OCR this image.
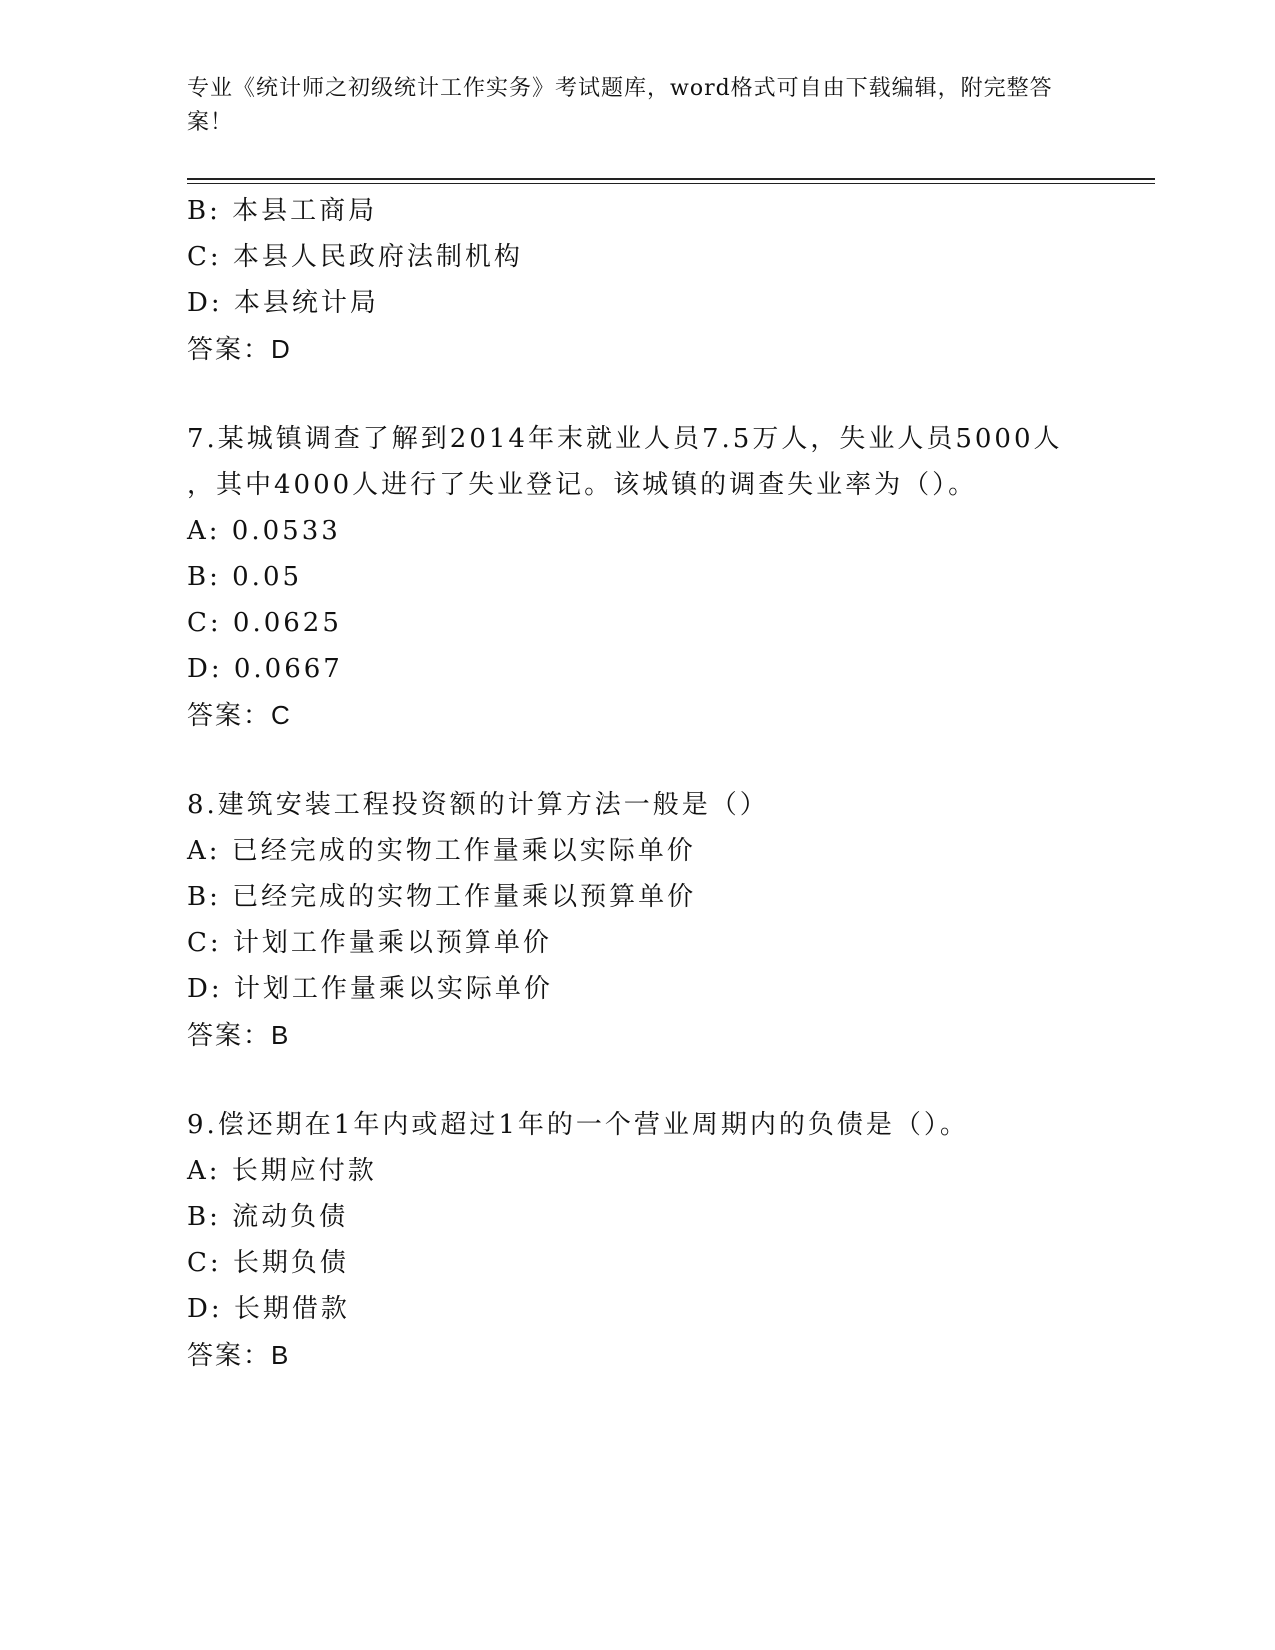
专业《统计师之初级统计工作实务》考试题库，word格式可自由下载编辑，附完整答案！

B: 本县工商局
C: 本县人民政府法制机构
D: 本县统计局
答案：D
7.某城镇调查了解到2014年末就业人员7.5万人，失业人员5000人
，其中4000人进行了失业登记。该城镇的调查失业率为（）。
A: 0.0533
B: 0.05
C: 0.0625
D: 0.0667
答案：C
8.建筑安装工程投资额的计算方法一般是（）
A: 已经完成的实物工作量乘以实际单价
B: 已经完成的实物工作量乘以预算单价
C: 计划工作量乘以预算单价
D: 计划工作量乘以实际单价
答案：B
9.偿还期在1年内或超过1年的一个营业周期内的负债是（）。
A: 长期应付款
B: 流动负债
C: 长期负债
D: 长期借款
答案：B
